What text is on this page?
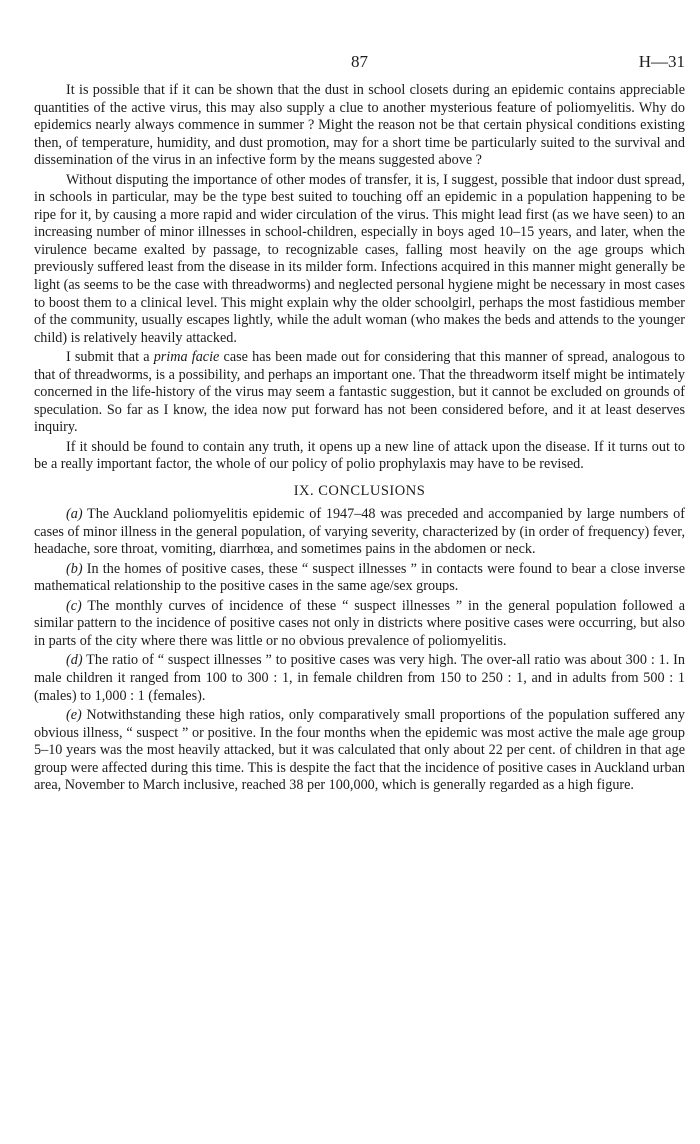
87	H—31

It is possible that if it can be shown that the dust in school closets during an epidemic contains appreciable quantities of the active virus, this may also supply a clue to another mysterious feature of poliomyelitis. Why do epidemics nearly always commence in summer ? Might the reason not be that certain physical conditions existing then, of temperature, humidity, and dust promotion, may for a short time be particularly suited to the survival and dissemination of the virus in an infective form by the means suggested above ?

Without disputing the importance of other modes of transfer, it is, I suggest, possible that indoor dust spread, in schools in particular, may be the type best suited to touching off an epidemic in a population happening to be ripe for it, by causing a more rapid and wider circulation of the virus. This might lead first (as we have seen) to an increasing number of minor illnesses in school-children, especially in boys aged 10–15 years, and later, when the virulence became exalted by passage, to recognizable cases, falling most heavily on the age groups which previously suffered least from the disease in its milder form. Infections acquired in this manner might generally be light (as seems to be the case with threadworms) and neglected personal hygiene might be necessary in most cases to boost them to a clinical level. This might explain why the older schoolgirl, perhaps the most fastidious member of the community, usually escapes lightly, while the adult woman (who makes the beds and attends to the younger child) is relatively heavily attacked.

I submit that a prima facie case has been made out for considering that this manner of spread, analogous to that of threadworms, is a possibility, and perhaps an important one. That the threadworm itself might be intimately concerned in the life-history of the virus may seem a fantastic suggestion, but it cannot be excluded on grounds of speculation. So far as I know, the idea now put forward has not been considered before, and it at least deserves inquiry.

If it should be found to contain any truth, it opens up a new line of attack upon the disease. If it turns out to be a really important factor, the whole of our policy of polio prophylaxis may have to be revised.

IX. CONCLUSIONS

(a) The Auckland poliomyelitis epidemic of 1947–48 was preceded and accompanied by large numbers of cases of minor illness in the general population, of varying severity, characterized by (in order of frequency) fever, headache, sore throat, vomiting, diarrhœa, and sometimes pains in the abdomen or neck.

(b) In the homes of positive cases, these “ suspect illnesses ” in contacts were found to bear a close inverse mathematical relationship to the positive cases in the same age/sex groups.

(c) The monthly curves of incidence of these “ suspect illnesses ” in the general population followed a similar pattern to the incidence of positive cases not only in districts where positive cases were occurring, but also in parts of the city where there was little or no obvious prevalence of poliomyelitis.

(d) The ratio of “ suspect illnesses ” to positive cases was very high. The over-all ratio was about 300 : 1. In male children it ranged from 100 to 300 : 1, in female children from 150 to 250 : 1, and in adults from 500 : 1 (males) to 1,000 : 1 (females).

(e) Notwithstanding these high ratios, only comparatively small proportions of the population suffered any obvious illness, “ suspect ” or positive. In the four months when the epidemic was most active the male age group 5–10 years was the most heavily attacked, but it was calculated that only about 22 per cent. of children in that age group were affected during this time. This is despite the fact that the incidence of positive cases in Auckland urban area, November to March inclusive, reached 38 per 100,000, which is generally regarded as a high figure.
